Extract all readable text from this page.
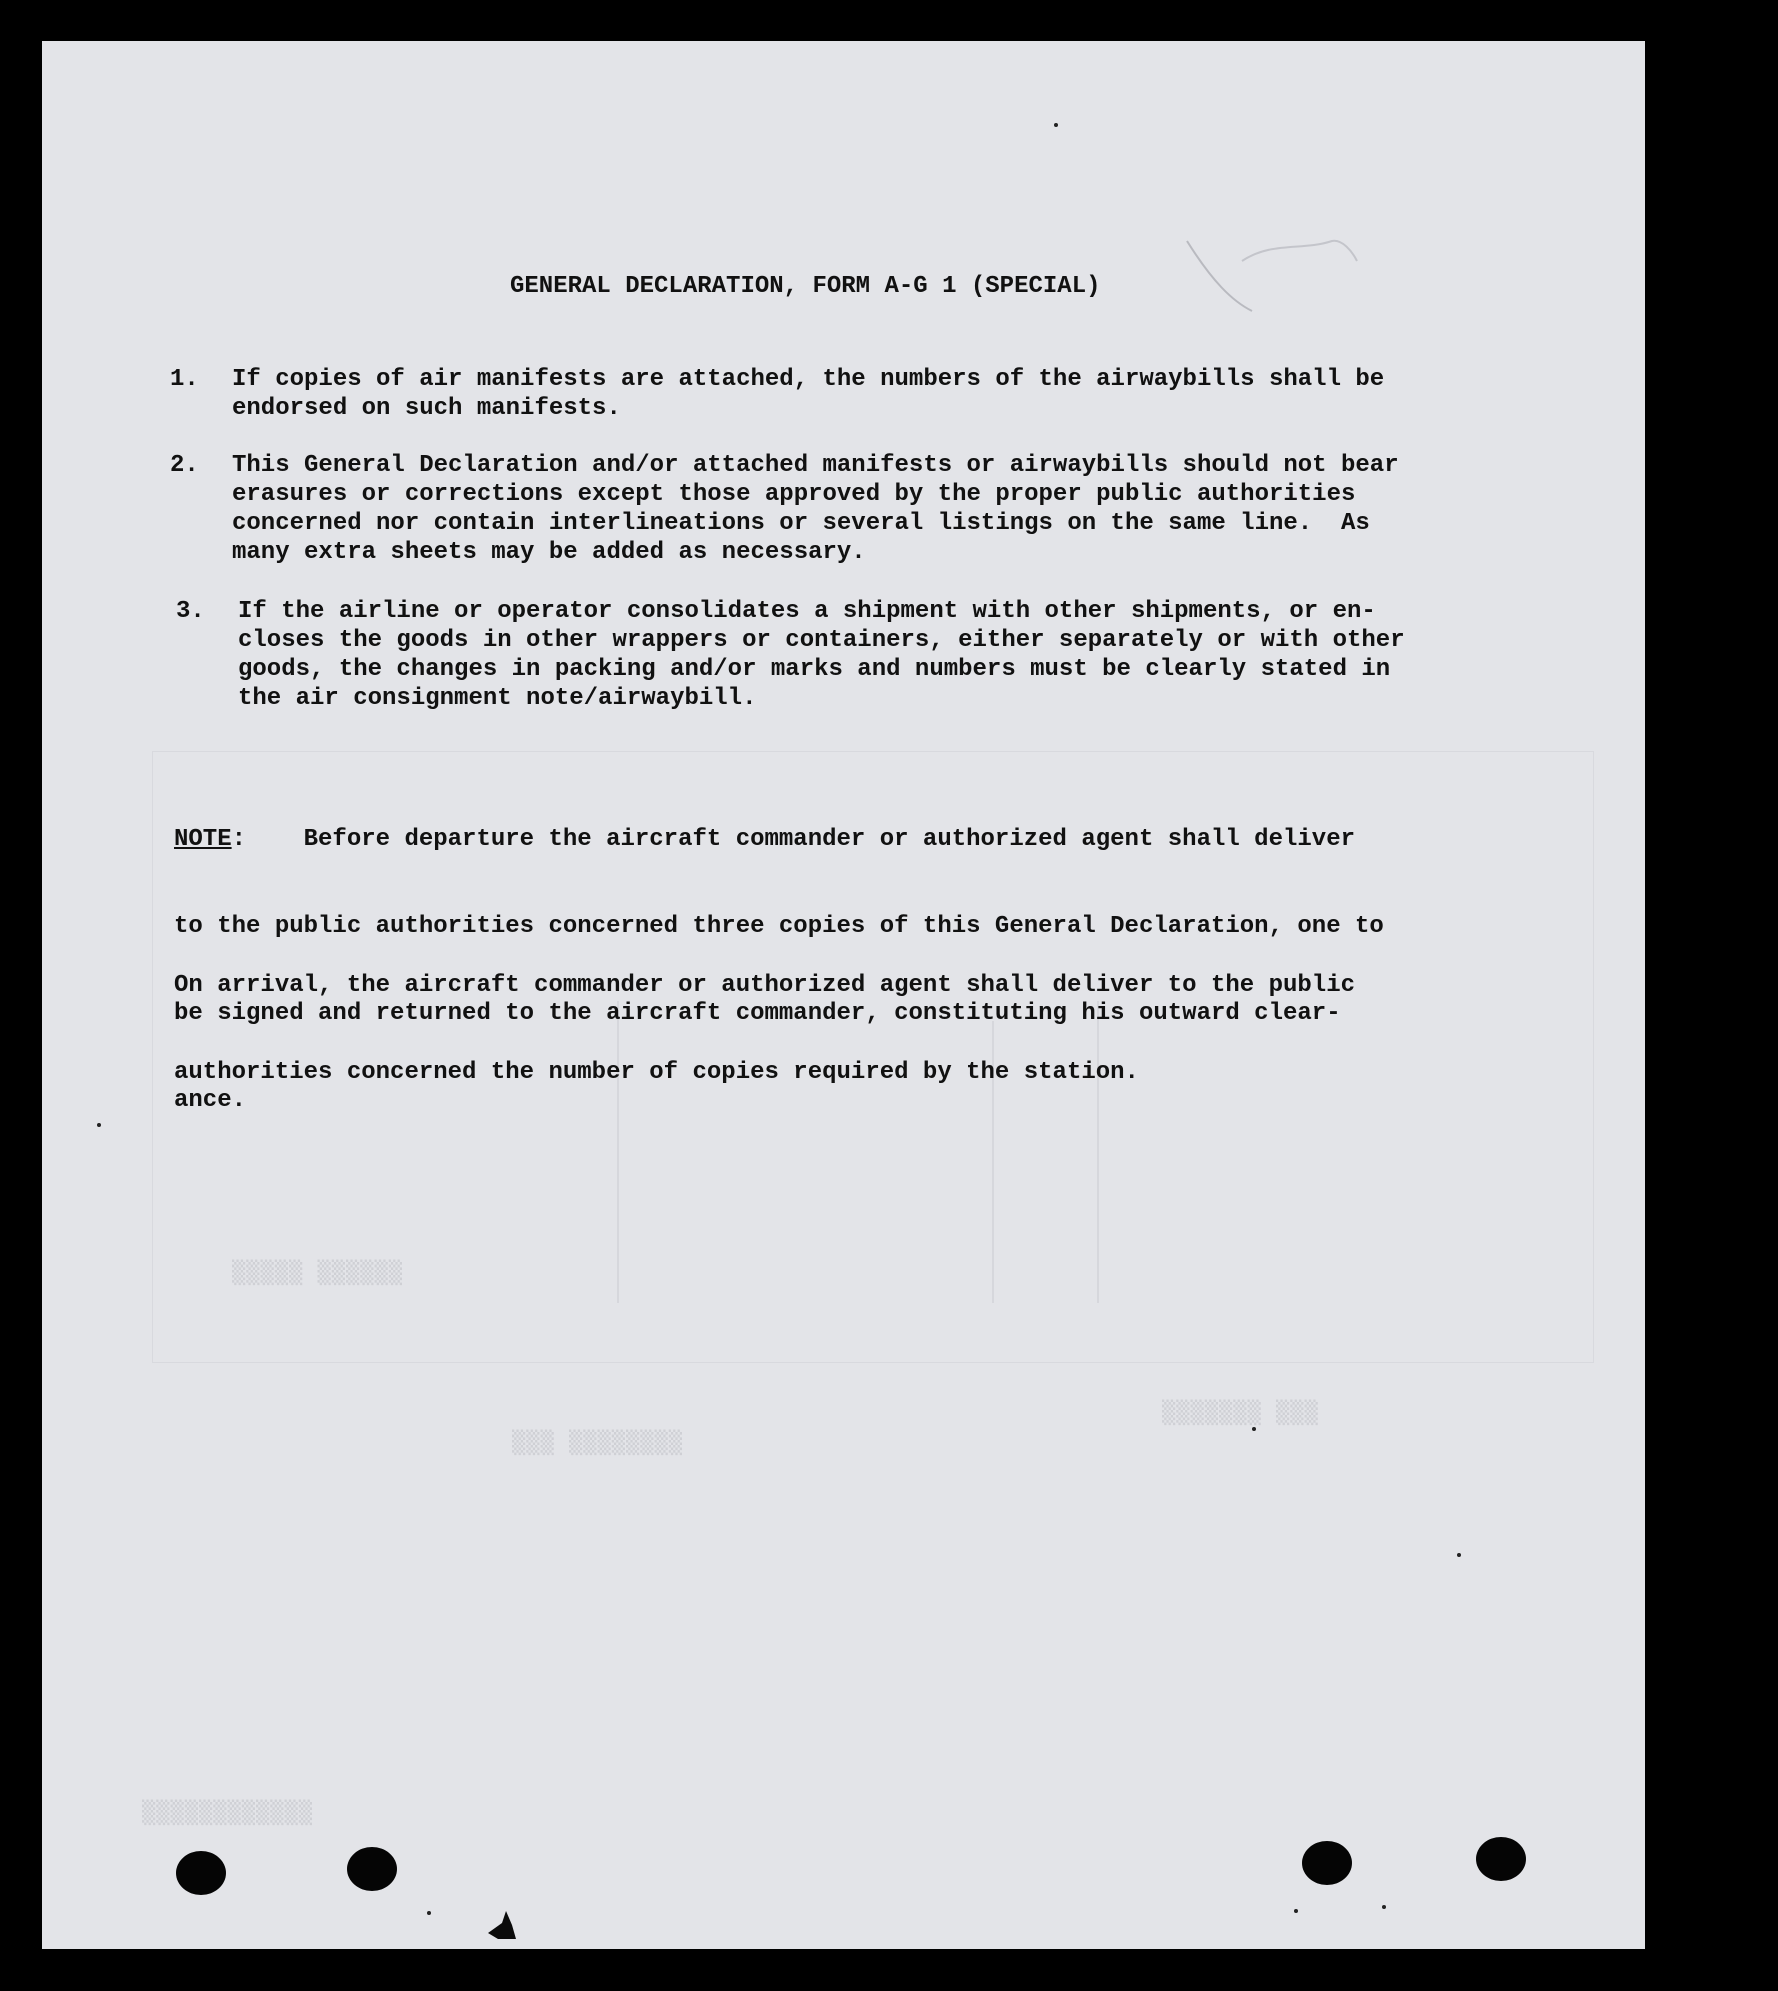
GENERAL DECLARATION, FORM A-G 1 (SPECIAL)
1. If copies of air manifests are attached, the numbers of the airwaybills shall be
endorsed on such manifests.
2. This General Declaration and/or attached manifests or airwaybills should not bear
erasures or corrections except those approved by the proper public authorities
concerned nor contain interlineations or several listings on the same line.  As
many extra sheets may be added as necessary.
3. If the airline or operator consolidates a shipment with other shipments, or en-
closes the goods in other wrappers or containers, either separately or with other
goods, the changes in packing and/or marks and numbers must be clearly stated in
the air consignment note/airwaybill.

NOTE:    Before departure the aircraft commander or authorized agent shall deliver

to the public authorities concerned three copies of this General Declaration, one to

be signed and returned to the aircraft commander, constituting his outward clear-

ance.

On arrival, the aircraft commander or authorized agent shall deliver to the public

authorities concerned the number of copies required by the station.

▒▒▒▒▒ ▒▒▒▒▒▒
▒▒▒ ▒▒▒▒▒▒▒▒
▒▒▒▒▒▒▒ ▒▒▒
▒▒▒▒▒▒▒▒▒▒▒▒
